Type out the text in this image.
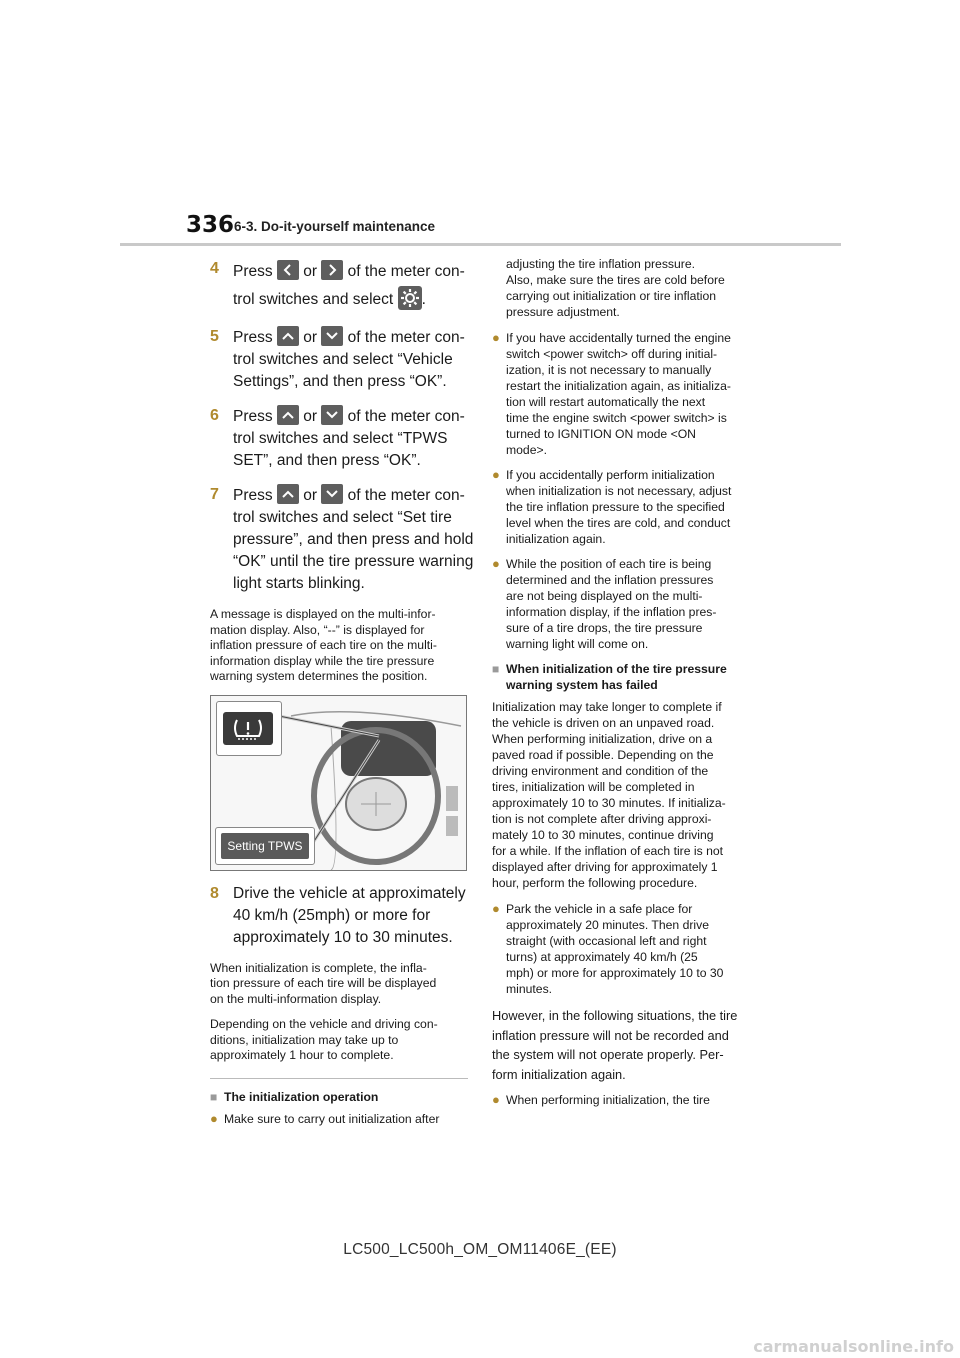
336 6-3. Do-it-yourself maintenance
4 Press or of the meter con-
trol switches and select .
5 Press or of the meter con-
trol switches and select “Vehicle
Settings”, and then press “OK”.
6 Press or of the meter con-
trol switches and select “TPWS
SET”, and then press “OK”.
7 Press or of the meter con-
trol switches and select “Set tire
pressure”, and then press and hold
“OK” until the tire pressure warning
light starts blinking.
A message is displayed on the multi-infor-
mation display. Also, “--” is displayed for
inflation pressure of each tire on the multi-
information display while the tire pressure
warning system determines the position.
Setting TPWS
8 Drive the vehicle at approximately
40 km/h (25mph) or more for
approximately 10 to 30 minutes.
When initialization is complete, the infla-
tion pressure of each tire will be displayed
on the multi-information display.
Depending on the vehicle and driving con-
ditions, initialization may take up to
approximately 1 hour to complete.
■ The initialization operation
● Make sure to carry out initialization after
adjusting the tire inflation pressure.
Also, make sure the tires are cold before
carrying out initialization or tire inflation
pressure adjustment.
● If you have accidentally turned the engine
switch <power switch> off during initial-
ization, it is not necessary to manually
restart the initialization again, as initializa-
tion will restart automatically the next
time the engine switch <power switch> is
turned to IGNITION ON mode <ON
mode>.
● If you accidentally perform initialization
when initialization is not necessary, adjust
the tire inflation pressure to the specified
level when the tires are cold, and conduct
initialization again.
● While the position of each tire is being
determined and the inflation pressures
are not being displayed on the multi-
information display, if the inflation pres-
sure of a tire drops, the tire pressure
warning light will come on.
■ When initialization of the tire pressure
warning system has failed
Initialization may take longer to complete if
the vehicle is driven on an unpaved road.
When performing initialization, drive on a
paved road if possible. Depending on the
driving environment and condition of the
tires, initialization will be completed in
approximately 10 to 30 minutes. If initializa-
tion is not complete after driving approxi-
mately 10 to 30 minutes, continue driving
for a while. If the inflation of each tire is not
displayed after driving for approximately 1
hour, perform the following procedure.
● Park the vehicle in a safe place for
approximately 20 minutes. Then drive
straight (with occasional left and right
turns) at approximately 40 km/h (25
mph) or more for approximately 10 to 30
minutes.
However, in the following situations, the tire
inflation pressure will not be recorded and
the system will not operate properly. Per-
form initialization again.
● When performing initialization, the tire
LC500_LC500h_OM_OM11406E_(EE)
carmanualsonline.info
